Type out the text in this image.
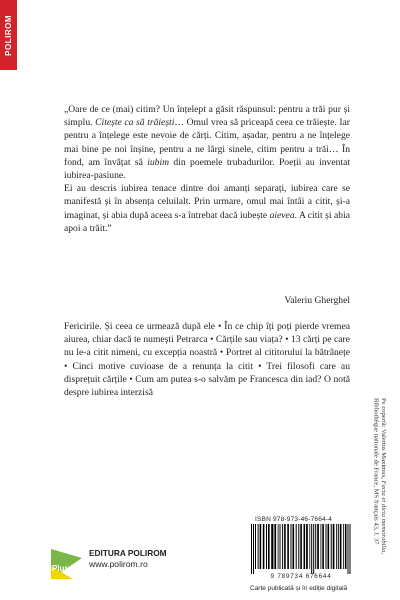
POLIROM

„Oare de ce (mai) citim? Un înțelept a găsit răspunsul: pentru a trăi pur și simplu. Citește ca să trăiești… Omul vrea să priceapă ceea ce trăiește. Iar pentru a înțelege este nevoie de cărți. Citim, așadar, pentru a ne înțelege mai bine pe noi înșine, pentru a ne lărgi sinele, citim pentru a trăi… În fond, am învățat să iubim din poemele trubadurilor. Poeții au inventat iubirea-pasiune.

Ei au descris iubirea tenace dintre doi amanți separați, iubirea care se manifestă și în absența celuilalt. Prin urmare, omul mai întâi a citit, și-a imaginat, și abia după aceea s-a întrebat dacă iubește aievea. A citit și abia apoi a trăit.”

Valeriu Gherghel
Fericirile. Și ceea ce urmează după ele • În ce chip îți poți pierde vremea aiurea, chiar dacă te numești Petrarca • Cărțile sau viața? • 13 cărți pe care nu le-a citit nimeni, cu excepția noastră • Portret al cititorului la bătrânețe • Cinci motive cuvioase de a renunța la citit • Trei filosofi care au disprețuit cărțile • Cum am putea s-o salvăm pe Francesca din iad? O notă despre iubirea interzisă
Pe copertă: Valerius Maximus, Facta et dicta memorabilia,
Bibliothèque nationale de France, MS français 43, f. 37
ISBN 978-973-46-7664-4
9 789734 676644
Carte publicată și în ediție digitală
Plural
EDITURA POLIROM
www.polirom.ro
